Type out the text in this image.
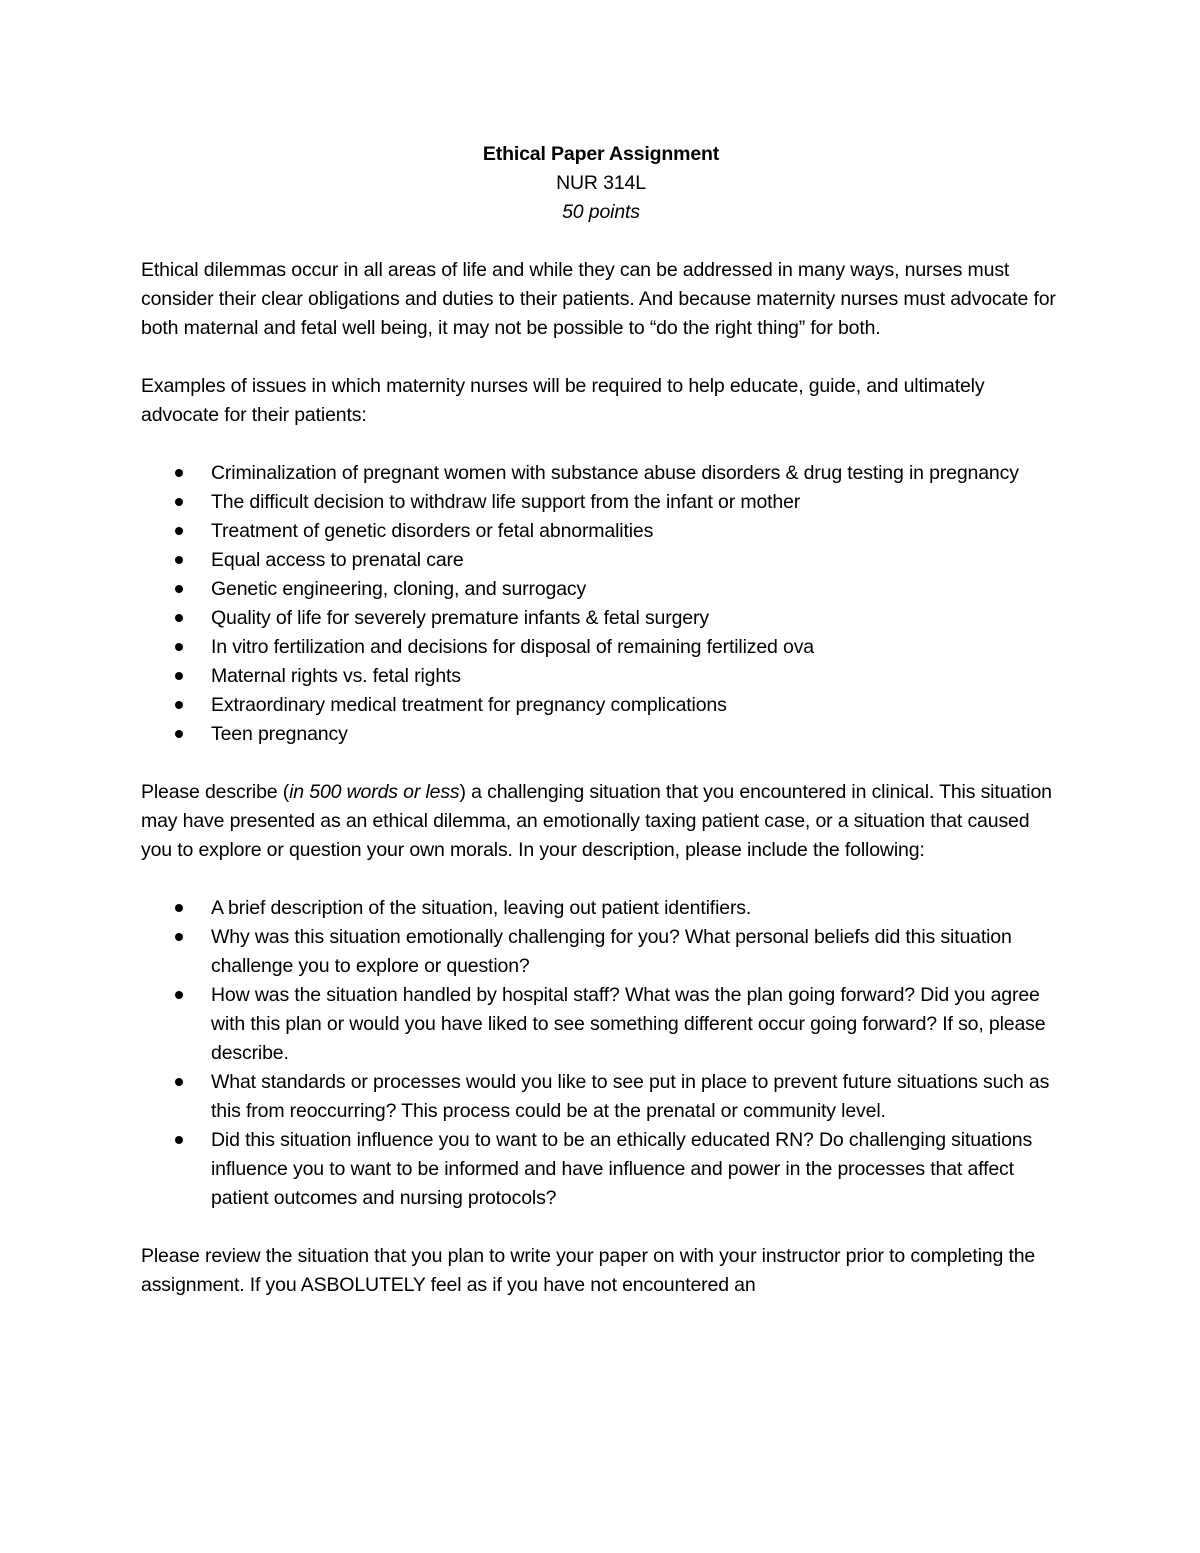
Ethical Paper Assignment
NUR 314L
50 points

Ethical dilemmas occur in all areas of life and while they can be addressed in many ways, nurses must consider their clear obligations and duties to their patients. And because maternity nurses must advocate for both maternal and fetal well being, it may not be possible to “do the right thing” for both.

Examples of issues in which maternity nurses will be required to help educate, guide, and ultimately advocate for their patients:

Criminalization of pregnant women with substance abuse disorders & drug testing in pregnancy
The difficult decision to withdraw life support from the infant or mother
Treatment of genetic disorders or fetal abnormalities
Equal access to prenatal care
Genetic engineering, cloning, and surrogacy
Quality of life for severely premature infants & fetal surgery
In vitro fertilization and decisions for disposal of remaining fertilized ova
Maternal rights vs. fetal rights
Extraordinary medical treatment for pregnancy complications
Teen pregnancy

Please describe (in 500 words or less) a challenging situation that you encountered in clinical. This situation may have presented as an ethical dilemma, an emotionally taxing patient case, or a situation that caused you to explore or question your own morals. In your description, please include the following:

A brief description of the situation, leaving out patient identifiers.
Why was this situation emotionally challenging for you? What personal beliefs did this situation challenge you to explore or question?
How was the situation handled by hospital staff? What was the plan going forward? Did you agree with this plan or would you have liked to see something different occur going forward? If so, please describe.
What standards or processes would you like to see put in place to prevent future situations such as this from reoccurring? This process could be at the prenatal or community level.
Did this situation influence you to want to be an ethically educated RN? Do challenging situations influence you to want to be informed and have influence and power in the processes that affect patient outcomes and nursing protocols?

Please review the situation that you plan to write your paper on with your instructor prior to completing the assignment. If you ASBOLUTELY feel as if you have not encountered an
